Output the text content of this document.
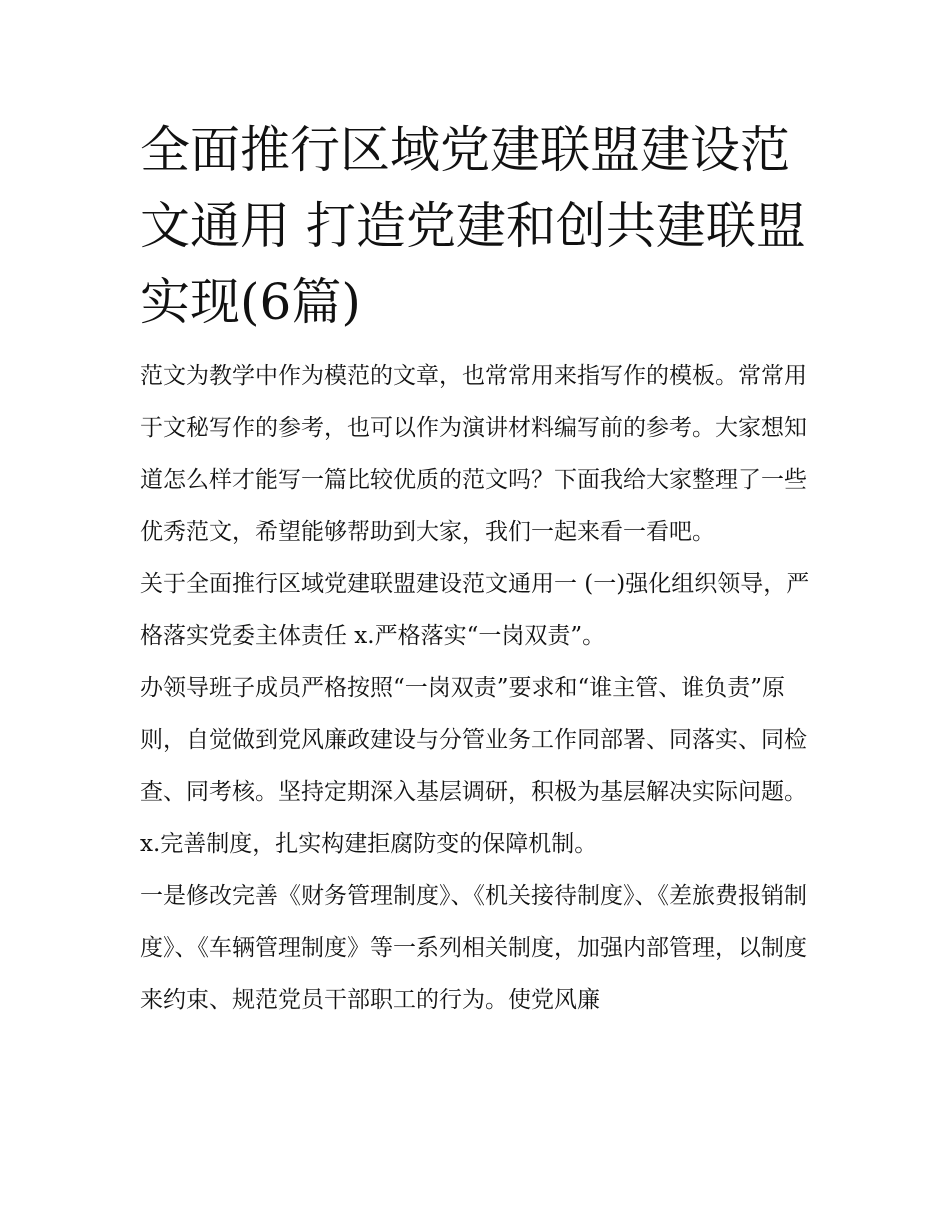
全面推行区域党建联盟建设范文通用 打造党建和创共建联盟实现(6篇)

范文为教学中作为模范的文章，也常常用来指写作的模板。常常用于文秘写作的参考，也可以作为演讲材料编写前的参考。大家想知道怎么样才能写一篇比较优质的范文吗？下面我给大家整理了一些优秀范文，希望能够帮助到大家，我们一起来看一看吧。

关于全面推行区域党建联盟建设范文通用一 (一)强化组织领导，严格落实党委主体责任 x.严格落实“一岗双责”。

办领导班子成员严格按照“一岗双责”要求和“谁主管、谁负责”原则，自觉做到党风廉政建设与分管业务工作同部署、同落实、同检查、同考核。坚持定期深入基层调研，积极为基层解决实际问题。

x.完善制度，扎实构建拒腐防变的保障机制。

一是修改完善《财务管理制度》、《机关接待制度》、《差旅费报销制度》、《车辆管理制度》等一系列相关制度，加强内部管理，以制度来约束、规范党员干部职工的行为。使党风廉
